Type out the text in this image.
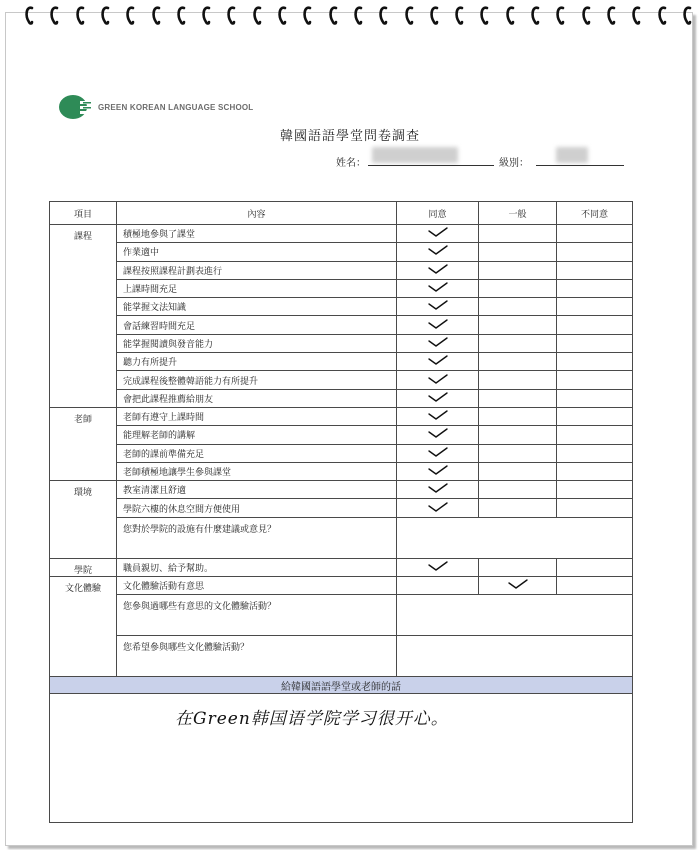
GREEN KOREAN LANGUAGE SCHOOL
韓國語語學堂問卷調查
姓名：	級別：
項目	內容	同意	一般	不同意
課程	積極地參與了課堂			
	作業適中			
	課程按照課程計劃表進行			
	上課時間充足			
	能掌握文法知識			
	會話練習時間充足			
	能掌握閱讀與發音能力			
	聽力有所提升			
	完成課程後整體韓語能力有所提升			
	會把此課程推薦給朋友			
老師	老師有遵守上課時間			
	能理解老師的講解			
	老師的課前準備充足			
	老師積極地讓學生參與課堂			
環境	教室清潔且舒適			
	學院六樓的休息空間方便使用			
	您對於學院的設施有什麼建議或意見？			
學院	職員親切、給予幫助。			
文化體驗	文化體驗活動有意思			
	您參與過哪些有意思的文化體驗活動？			
	您希望參與哪些文化體驗活動？			
給韓國語語學堂或老師的話				
在Green韩国语学院学习很开心。				
